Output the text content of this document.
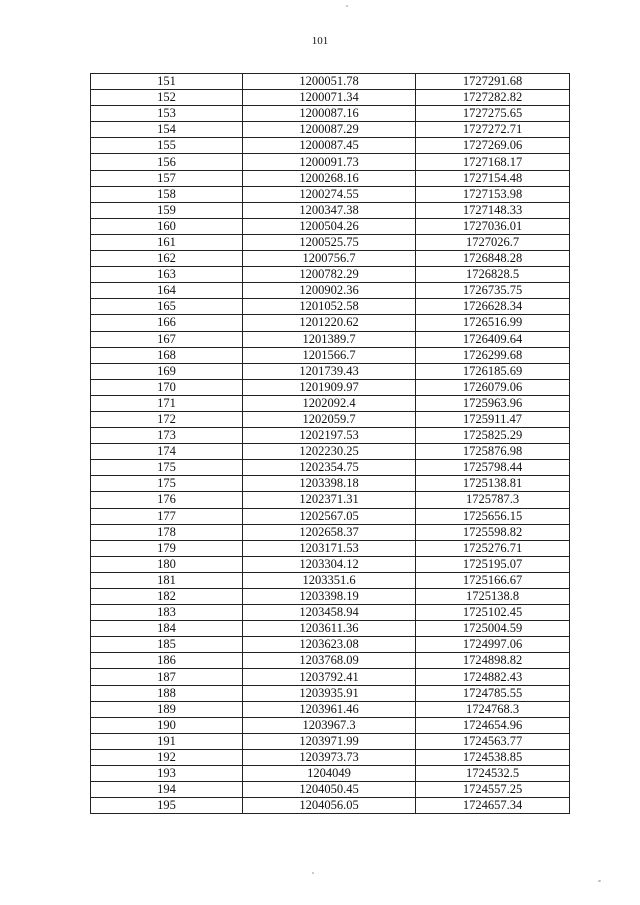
101
151	1200051.78	1727291.68
152	1200071.34	1727282.82
153	1200087.16	1727275.65
154	1200087.29	1727272.71
155	1200087.45	1727269.06
156	1200091.73	1727168.17
157	1200268.16	1727154.48
158	1200274.55	1727153.98
159	1200347.38	1727148.33
160	1200504.26	1727036.01
161	1200525.75	1727026.7
162	1200756.7	1726848.28
163	1200782.29	1726828.5
164	1200902.36	1726735.75
165	1201052.58	1726628.34
166	1201220.62	1726516.99
167	1201389.7	1726409.64
168	1201566.7	1726299.68
169	1201739.43	1726185.69
170	1201909.97	1726079.06
171	1202092.4	1725963.96
172	1202059.7	1725911.47
173	1202197.53	1725825.29
174	1202230.25	1725876.98
175	1202354.75	1725798.44
175	1203398.18	1725138.81
176	1202371.31	1725787.3
177	1202567.05	1725656.15
178	1202658.37	1725598.82
179	1203171.53	1725276.71
180	1203304.12	1725195.07
181	1203351.6	1725166.67
182	1203398.19	1725138.8
183	1203458.94	1725102.45
184	1203611.36	1725004.59
185	1203623.08	1724997.06
186	1203768.09	1724898.82
187	1203792.41	1724882.43
188	1203935.91	1724785.55
189	1203961.46	1724768.3
190	1203967.3	1724654.96
191	1203971.99	1724563.77
192	1203973.73	1724538.85
193	1204049	1724532.5
194	1204050.45	1724557.25
195	1204056.05	1724657.34
